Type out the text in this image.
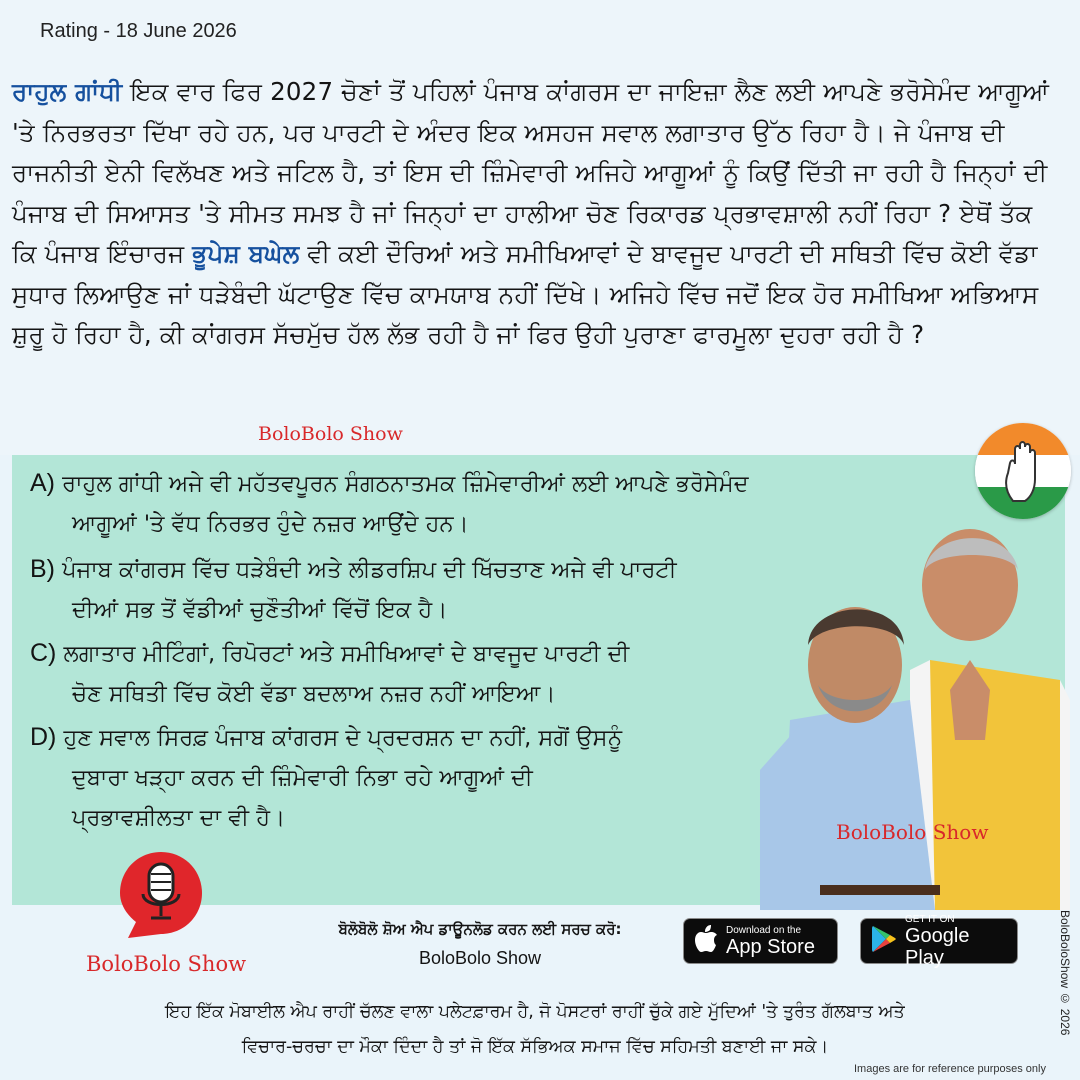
Rating - 18 June 2026
ਰਾਹੁਲ ਗਾਂਧੀ ਇਕ ਵਾਰ ਫਿਰ 2027 ਚੋਣਾਂ ਤੋਂ ਪਹਿਲਾਂ ਪੰਜਾਬ ਕਾਂਗਰਸ ਦਾ ਜਾਇਜ਼ਾ ਲੈਣ ਲਈ ਆਪਣੇ ਭਰੋਸੇਮੰਦ ਆਗੂਆਂ 'ਤੇ ਨਿਰਭਰਤਾ ਦਿੱਖਾ ਰਹੇ ਹਨ, ਪਰ ਪਾਰਟੀ ਦੇ ਅੰਦਰ ਇਕ ਅਸਹਜ ਸਵਾਲ ਲਗਾਤਾਰ ਉੱਠ ਰਿਹਾ ਹੈ। ਜੇ ਪੰਜਾਬ ਦੀ ਰਾਜਨੀਤੀ ਏਨੀ ਵਿਲੱਖਣ ਅਤੇ ਜਟਿਲ ਹੈ, ਤਾਂ ਇਸ ਦੀ ਜ਼ਿੰਮੇਵਾਰੀ ਅਜਿਹੇ ਆਗੂਆਂ ਨੂੰ ਕਿਉਂ ਦਿੱਤੀ ਜਾ ਰਹੀ ਹੈ ਜਿਨ੍ਹਾਂ ਦੀ ਪੰਜਾਬ ਦੀ ਸਿਆਸਤ 'ਤੇ ਸੀਮਤ ਸਮਝ ਹੈ ਜਾਂ ਜਿਨ੍ਹਾਂ ਦਾ ਹਾਲੀਆ ਚੋਣ ਰਿਕਾਰਡ ਪ੍ਰਭਾਵਸ਼ਾਲੀ ਨਹੀਂ ਰਿਹਾ ? ਏਥੋਂ ਤੱਕ ਕਿ ਪੰਜਾਬ ਇੰਚਾਰਜ ਭੂਪੇਸ਼ ਬਘੇਲ ਵੀ ਕਈ ਦੌਰਿਆਂ ਅਤੇ ਸਮੀਖਿਆਵਾਂ ਦੇ ਬਾਵਜੂਦ ਪਾਰਟੀ ਦੀ ਸਥਿਤੀ ਵਿੱਚ ਕੋਈ ਵੱਡਾ ਸੁਧਾਰ ਲਿਆਉਣ ਜਾਂ ਧੜੇਬੰਦੀ ਘੱਟਾਉਣ ਵਿੱਚ ਕਾਮਯਾਬ ਨਹੀਂ ਦਿੱਖੇ। ਅਜਿਹੇ ਵਿੱਚ ਜਦੋਂ ਇਕ ਹੋਰ ਸਮੀਖਿਆ ਅਭਿਆਸ ਸ਼ੁਰੂ ਹੋ ਰਿਹਾ ਹੈ, ਕੀ ਕਾਂਗਰਸ ਸੱਚਮੁੱਚ ਹੱਲ ਲੱਭ ਰਹੀ ਹੈ ਜਾਂ ਫਿਰ ਉਹੀ ਪੁਰਾਣਾ ਫਾਰਮੂਲਾ ਦੁਹਰਾ ਰਹੀ ਹੈ ?
BoloBolo Show
A) ਰਾਹੁਲ ਗਾਂਧੀ ਅਜੇ ਵੀ ਮਹੱਤਵਪੂਰਨ ਸੰਗਠਨਾਤਮਕ ਜ਼ਿੰਮੇਵਾਰੀਆਂ ਲਈ ਆਪਣੇ ਭਰੋਸੇਮੰਦ
ਆਗੂਆਂ 'ਤੇ ਵੱਧ ਨਿਰਭਰ ਹੁੰਦੇ ਨਜ਼ਰ ਆਉਂਦੇ ਹਨ।
B) ਪੰਜਾਬ ਕਾਂਗਰਸ ਵਿੱਚ ਧੜੇਬੰਦੀ ਅਤੇ ਲੀਡਰਸ਼ਿਪ ਦੀ ਖਿੱਚਤਾਣ ਅਜੇ ਵੀ ਪਾਰਟੀ
ਦੀਆਂ ਸਭ ਤੋਂ ਵੱਡੀਆਂ ਚੁਣੌਤੀਆਂ ਵਿੱਚੋਂ ਇਕ ਹੈ।
C) ਲਗਾਤਾਰ ਮੀਟਿੰਗਾਂ, ਰਿਪੋਰਟਾਂ ਅਤੇ ਸਮੀਖਿਆਵਾਂ ਦੇ ਬਾਵਜੂਦ ਪਾਰਟੀ ਦੀ
ਚੋਣ ਸਥਿਤੀ ਵਿੱਚ ਕੋਈ ਵੱਡਾ ਬਦਲਾਅ ਨਜ਼ਰ ਨਹੀਂ ਆਇਆ।
D) ਹੁਣ ਸਵਾਲ ਸਿਰਫ਼ ਪੰਜਾਬ ਕਾਂਗਰਸ ਦੇ ਪ੍ਰਦਰਸ਼ਨ ਦਾ ਨਹੀਂ, ਸਗੋਂ ਉਸਨੂੰ
ਦੁਬਾਰਾ ਖੜ੍ਹਾ ਕਰਨ ਦੀ ਜ਼ਿੰਮੇਵਾਰੀ ਨਿਭਾ ਰਹੇ ਆਗੂਆਂ ਦੀ
ਪ੍ਰਭਾਵਸ਼ੀਲਤਾ ਦਾ ਵੀ ਹੈ।
BoloBolo Show
BoloBolo Show
ਬੋਲੋਬੋਲੋ ਸ਼ੋਅ ਐਪ ਡਾਊਨਲੋਡ ਕਰਨ ਲਈ ਸਰਚ ਕਰੋ:
BoloBolo Show
Download on the
App Store
GET IT ON
Google Play
ਇਹ ਇੱਕ ਮੋਬਾਈਲ ਐਪ ਰਾਹੀਂ ਚੱਲਣ ਵਾਲਾ ਪਲੇਟਫ਼ਾਰਮ ਹੈ, ਜੋ ਪੋਸਟਰਾਂ ਰਾਹੀਂ ਚੁੱਕੇ ਗਏ ਮੁੱਦਿਆਂ 'ਤੇ ਤੁਰੰਤ ਗੱਲਬਾਤ ਅਤੇ
ਵਿਚਾਰ-ਚਰਚਾ ਦਾ ਮੌਕਾ ਦਿੰਦਾ ਹੈ ਤਾਂ ਜੋ ਇੱਕ ਸੱਭਿਅਕ ਸਮਾਜ ਵਿੱਚ ਸਹਿਮਤੀ ਬਣਾਈ ਜਾ ਸਕੇ।
BoloBoloShow © 2026
Images are for reference purposes only
